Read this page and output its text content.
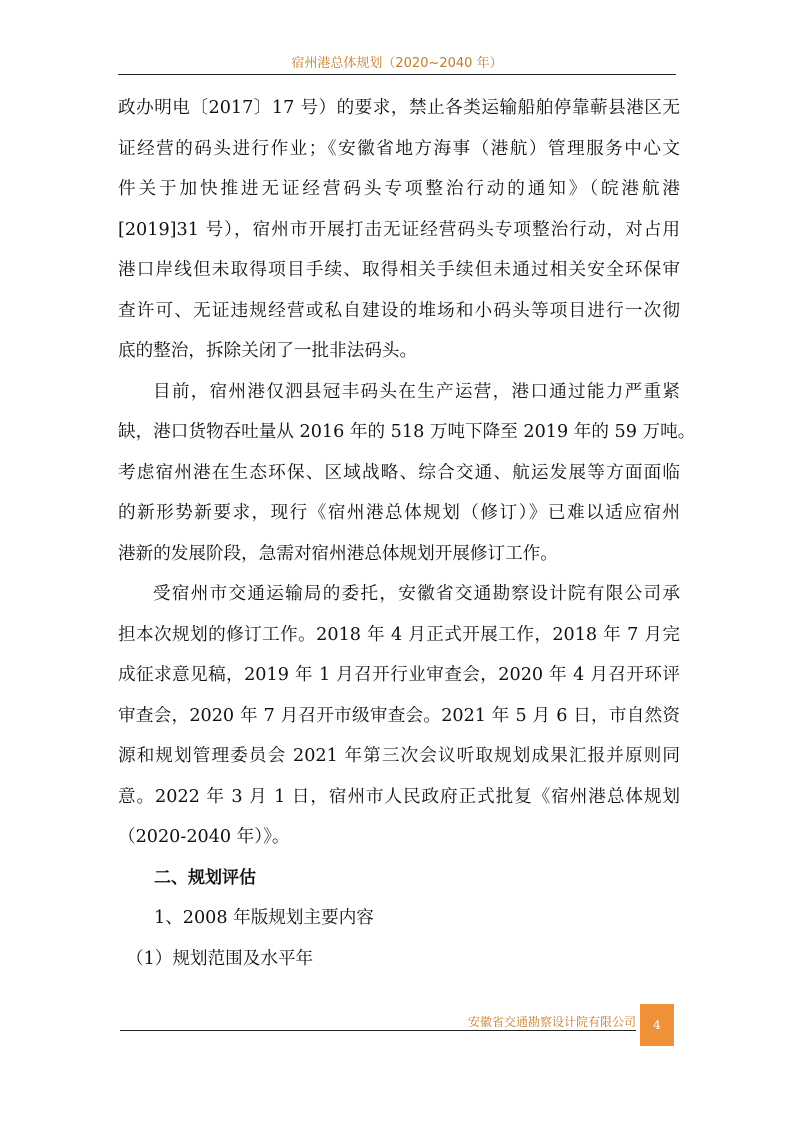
宿州港总体规划（2020~2040 年）
政办明电〔2017〕17 号）的要求，禁止各类运输船舶停靠蕲县港区无
证经营的码头进行作业；《安徽省地方海事（港航）管理服务中心文
件关于加快推进无证经营码头专项整治行动的通知》（皖港航港
[2019]31 号），宿州市开展打击无证经营码头专项整治行动，对占用
港口岸线但未取得项目手续、取得相关手续但未通过相关安全环保审
查许可、无证违规经营或私自建设的堆场和小码头等项目进行一次彻
底的整治，拆除关闭了一批非法码头。
目前，宿州港仅泗县冠丰码头在生产运营，港口通过能力严重紧
缺，港口货物吞吐量从 2016 年的 518 万吨下降至 2019 年的 59 万吨。
考虑宿州港在生态环保、区域战略、综合交通、航运发展等方面面临
的新形势新要求，现行《宿州港总体规划（修订）》已难以适应宿州
港新的发展阶段，急需对宿州港总体规划开展修订工作。
受宿州市交通运输局的委托，安徽省交通勘察设计院有限公司承
担本次规划的修订工作。2018 年 4 月正式开展工作，2018 年 7 月完
成征求意见稿，2019 年 1 月召开行业审查会，2020 年 4 月召开环评
审查会，2020 年 7 月召开市级审查会。2021 年 5 月 6 日，市自然资
源和规划管理委员会 2021 年第三次会议听取规划成果汇报并原则同
意。2022 年 3 月 1 日，宿州市人民政府正式批复《宿州港总体规划
（2020-2040 年）》。
二、规划评估
1、2008 年版规划主要内容
（1）规划范围及水平年
安徽省交通勘察设计院有限公司	4
